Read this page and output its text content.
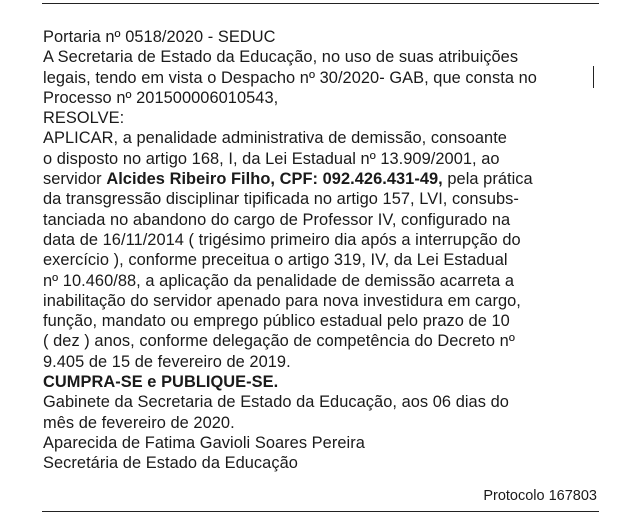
Portaria nº 0518/2020 - SEDUC
A Secretaria de Estado da Educação, no uso de suas atribuições
legais, tendo em vista o Despacho nº 30/2020- GAB, que consta no
Processo nº 201500006010543,
RESOLVE:
APLICAR, a penalidade administrativa de demissão, consoante
o disposto no artigo 168, I, da Lei Estadual nº 13.909/2001, ao
servidor Alcides Ribeiro Filho, CPF: 092.426.431-49, pela prática
da transgressão disciplinar tipificada no artigo 157, LVI, consubs-
tanciada no abandono do cargo de Professor IV, configurado na
data de 16/11/2014 ( trigésimo primeiro dia após a interrupção do
exercício ), conforme preceitua o artigo 319, IV, da Lei Estadual
nº 10.460/88, a aplicação da penalidade de demissão acarreta a
inabilitação do servidor apenado para nova investidura em cargo,
função, mandato ou emprego público estadual pelo prazo de 10
( dez ) anos, conforme delegação de competência do Decreto nº
9.405 de 15 de fevereiro de 2019.
CUMPRA-SE e PUBLIQUE-SE.
Gabinete da Secretaria de Estado da Educação, aos 06 dias do
mês de fevereiro de 2020.
Aparecida de Fatima Gavioli Soares Pereira
Secretária de Estado da Educação
Protocolo 167803
